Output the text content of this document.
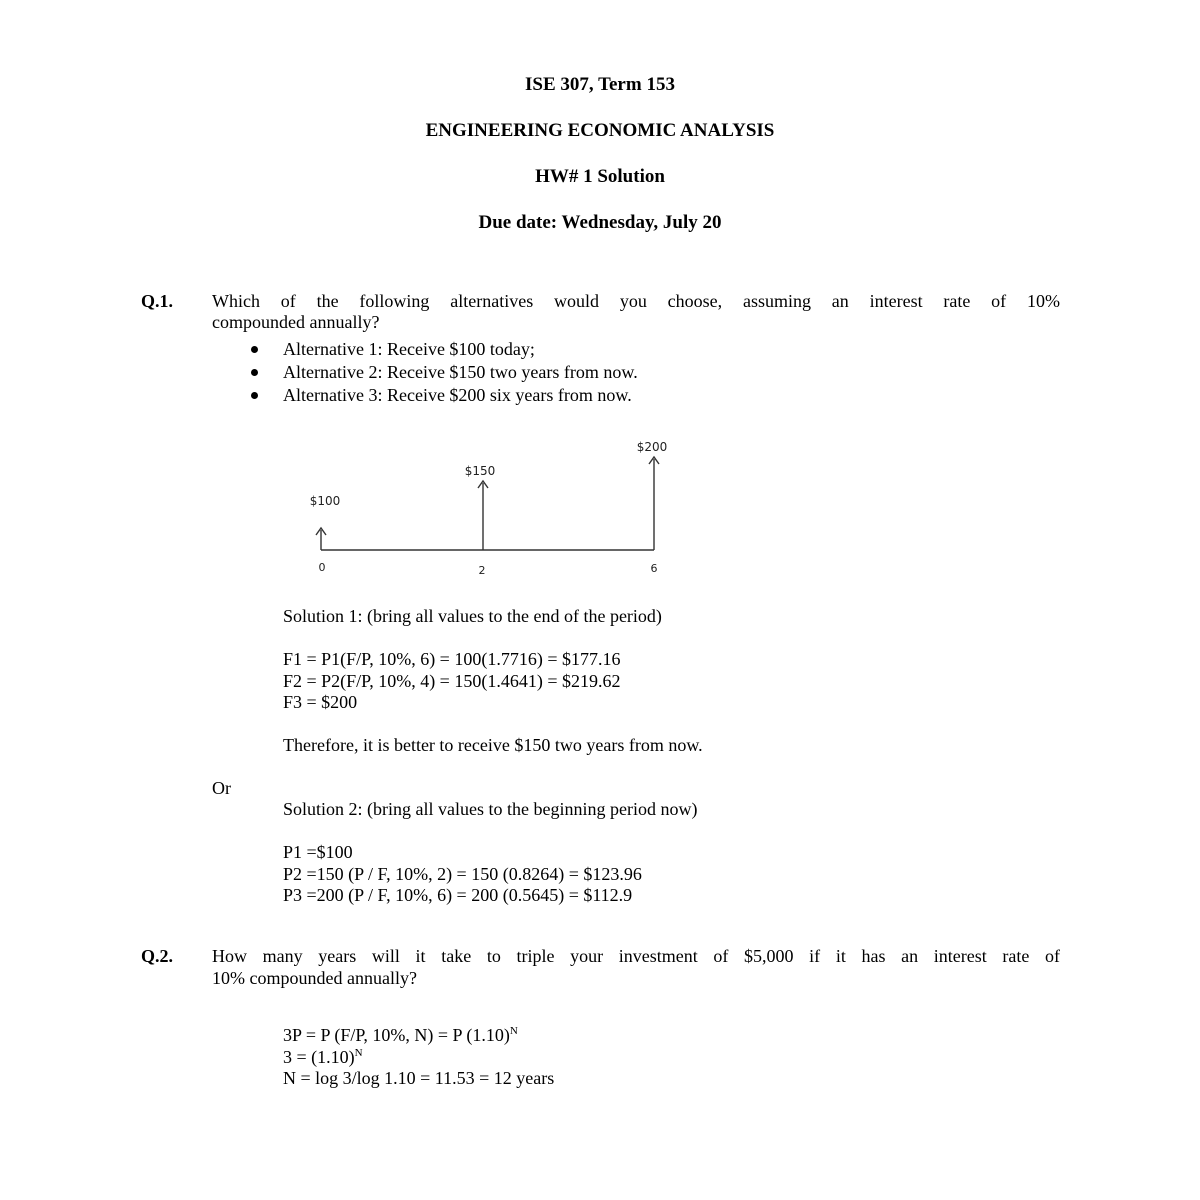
ISE 307, Term 153
ENGINEERING ECONOMIC ANALYSIS
HW# 1 Solution
Due date: Wednesday, July 20
Q.1. Which of the following alternatives would you choose, assuming an interest rate of 10%
compounded annually?
Alternative 1: Receive $100 today;
Alternative 2: Receive $150 two years from now.
Alternative 3: Receive $200 six years from now.
$100
0
$150
2
$200
6
Solution 1: (bring all values to the end of the period)
F1 = P1(F/P, 10%, 6) = 100(1.7716) = $177.16
F2 = P2(F/P, 10%, 4) = 150(1.4641) = $219.62
F3 = $200
Therefore, it is better to receive $150 two years from now.
Or
Solution 2: (bring all values to the beginning period now)
P1 =$100
P2 =150 (P / F, 10%, 2) = 150 (0.8264) = $123.96
P3 =200 (P / F, 10%, 6) = 200 (0.5645) = $112.9
Q.2. How many years will it take to triple your investment of $5,000 if it has an interest rate of
10% compounded annually?
3P = P (F/P, 10%, N) = P $(1.10)^N$
$3 = (1.10)^N$
N = log 3/log 1.10 = 11.53 = 12 years
